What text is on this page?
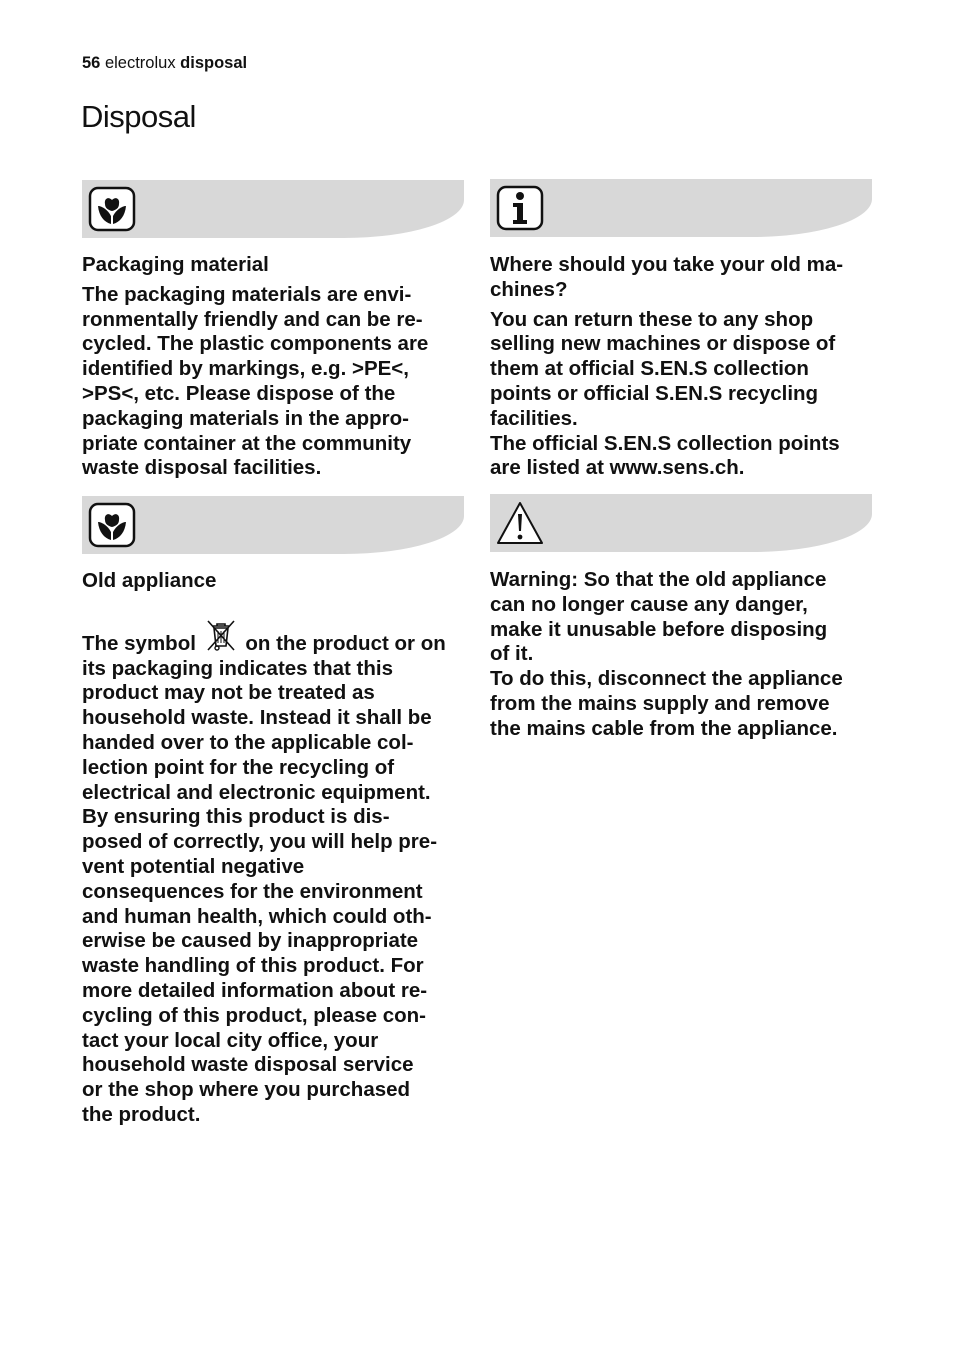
56 electrolux disposal
Disposal

Packaging material

The packaging materials are envi-

ronmentally friendly and can be re-

cycled. The plastic components are

identified by markings, e.g. >PE<,

>PS<, etc. Please dispose of the

packaging materials in the appro-

priate container at the community

waste disposal facilities.

Old appliance

The symbol on the product or on

its packaging indicates that this

product may not be treated as

household waste. Instead it shall be

handed over to the applicable col-

lection point for the recycling of

electrical and electronic equipment.

By ensuring this product is dis-

posed of correctly, you will help pre-

vent potential negative

consequences for the environment

and human health, which could oth-

erwise be caused by inappropriate

waste handling of this product. For

more detailed information about re-

cycling of this product, please con-

tact your local city office, your

household waste disposal service

or the shop where you purchased

the product.

Where should you take your old ma-

chines?

You can return these to any shop

selling new machines or dispose of

them at official S.EN.S collection

points or official S.EN.S recycling

facilities.

The official S.EN.S collection points

are listed at www.sens.ch.

Warning: So that the old appliance

can no longer cause any danger,

make it unusable before disposing

of it.

To do this, disconnect the appliance

from the mains supply and remove

the mains cable from the appliance.
